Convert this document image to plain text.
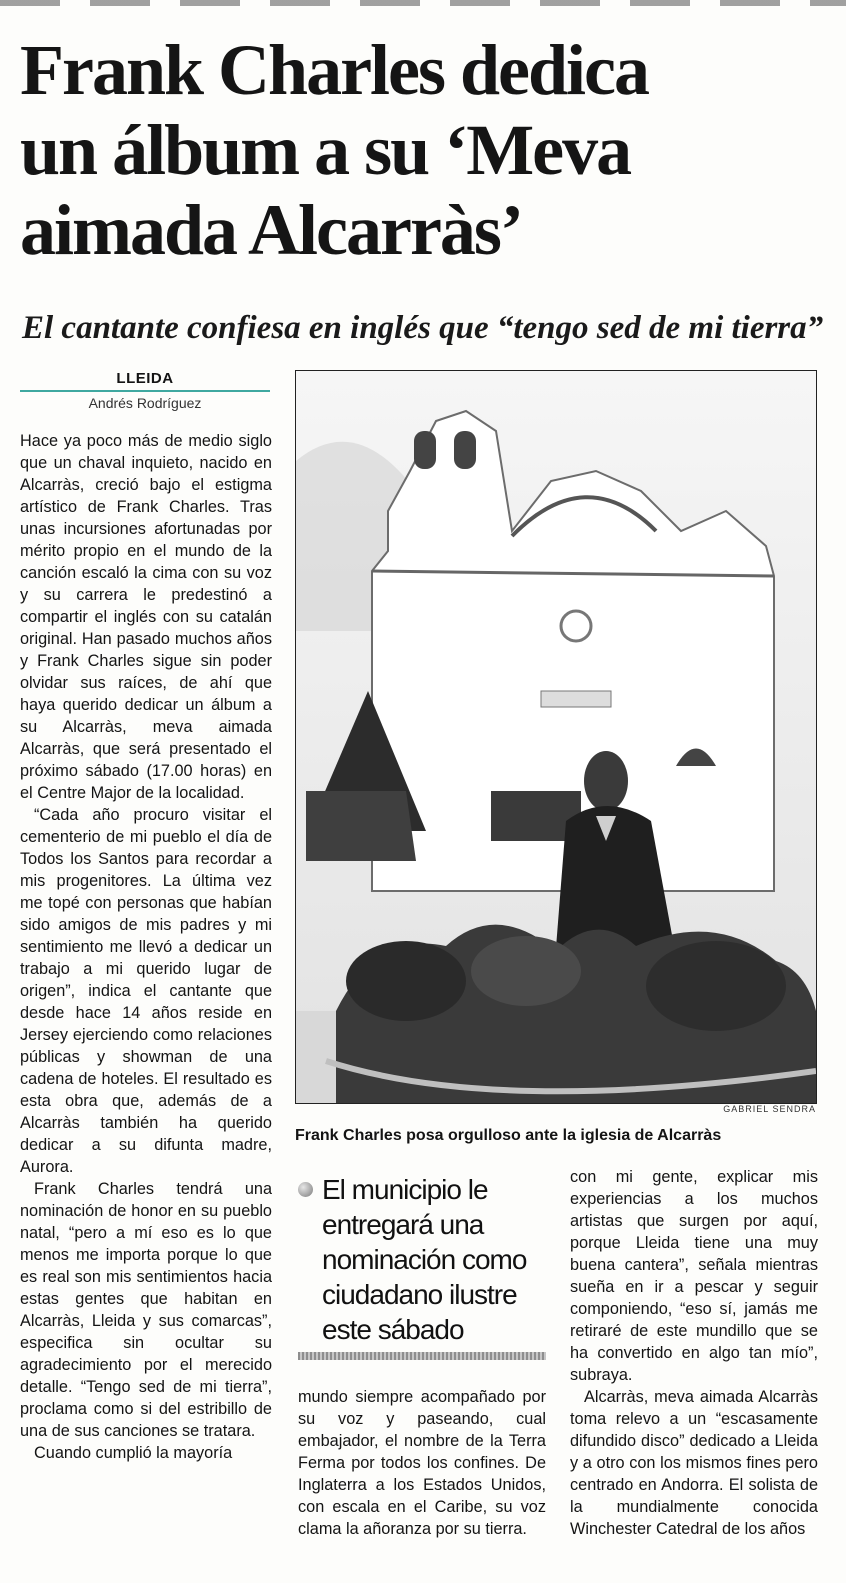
Frank Charles dedica
un álbum a su ‘Meva
aimada Alcarràs’
El cantante confiesa en inglés que “tengo sed de mi tierra”
LLEIDA
Andrés Rodríguez

Hace ya poco más de medio siglo que un chaval inquieto, nacido en Alcarràs, creció bajo el estigma artístico de Frank Charles. Tras unas incursiones afortunadas por mérito propio en el mundo de la canción escaló la cima con su voz y su carrera le predestinó a compartir el inglés con su catalán original. Han pasado muchos años y Frank Charles sigue sin poder olvidar sus raíces, de ahí que haya querido dedicar un álbum a su Alcarràs, meva aimada Alcarràs, que será presentado el próximo sábado (17.00 horas) en el Centre Major de la localidad.

“Cada año procuro visitar el cementerio de mi pueblo el día de Todos los Santos para recordar a mis progenitores. La última vez me topé con personas que habían sido amigos de mis padres y mi sentimiento me llevó a dedicar un trabajo a mi querido lugar de origen”, indica el cantante que desde hace 14 años reside en Jersey ejerciendo como relaciones públicas y showman de una cadena de hoteles. El resultado es esta obra que, además de a Alcarràs también ha querido dedicar a su difunta madre, Aurora.

Frank Charles tendrá una nominación de honor en su pueblo natal, “pero a mí eso es lo que menos me importa porque lo que es real son mis sentimientos hacia estas gentes que habitan en Alcarràs, Lleida y sus comarcas”, especifica sin ocultar su agradecimiento por el merecido detalle. “Tengo sed de mi tierra”, proclama como si del estribillo de una de sus canciones se tratara.

Cuando cumplió la mayoría

GABRIEL SENDRA
Frank Charles posa orgulloso ante la iglesia de Alcarràs

El municipio le entregará una nominación como ciudadano ilustre este sábado

mundo siempre acompañado por su voz y paseando, cual embajador, el nombre de la Terra Ferma por todos los confines. De Inglaterra a los Estados Unidos, con escala en el Caribe, su voz clama la añoranza por su tierra.

con mi gente, explicar mis experiencias a los muchos artistas que surgen por aquí, porque Lleida tiene una muy buena cantera”, señala mientras sueña en ir a pescar y seguir componiendo, “eso sí, jamás me retiraré de este mundillo que se ha convertido en algo tan mío”, subraya.

Alcarràs, meva aimada Alcarràs toma relevo a un “escasamente difundido disco” dedicado a Lleida y a otro con los mismos fines pero centrado en Andorra. El solista de la mundialmente conocida Winchester Catedral de los años
